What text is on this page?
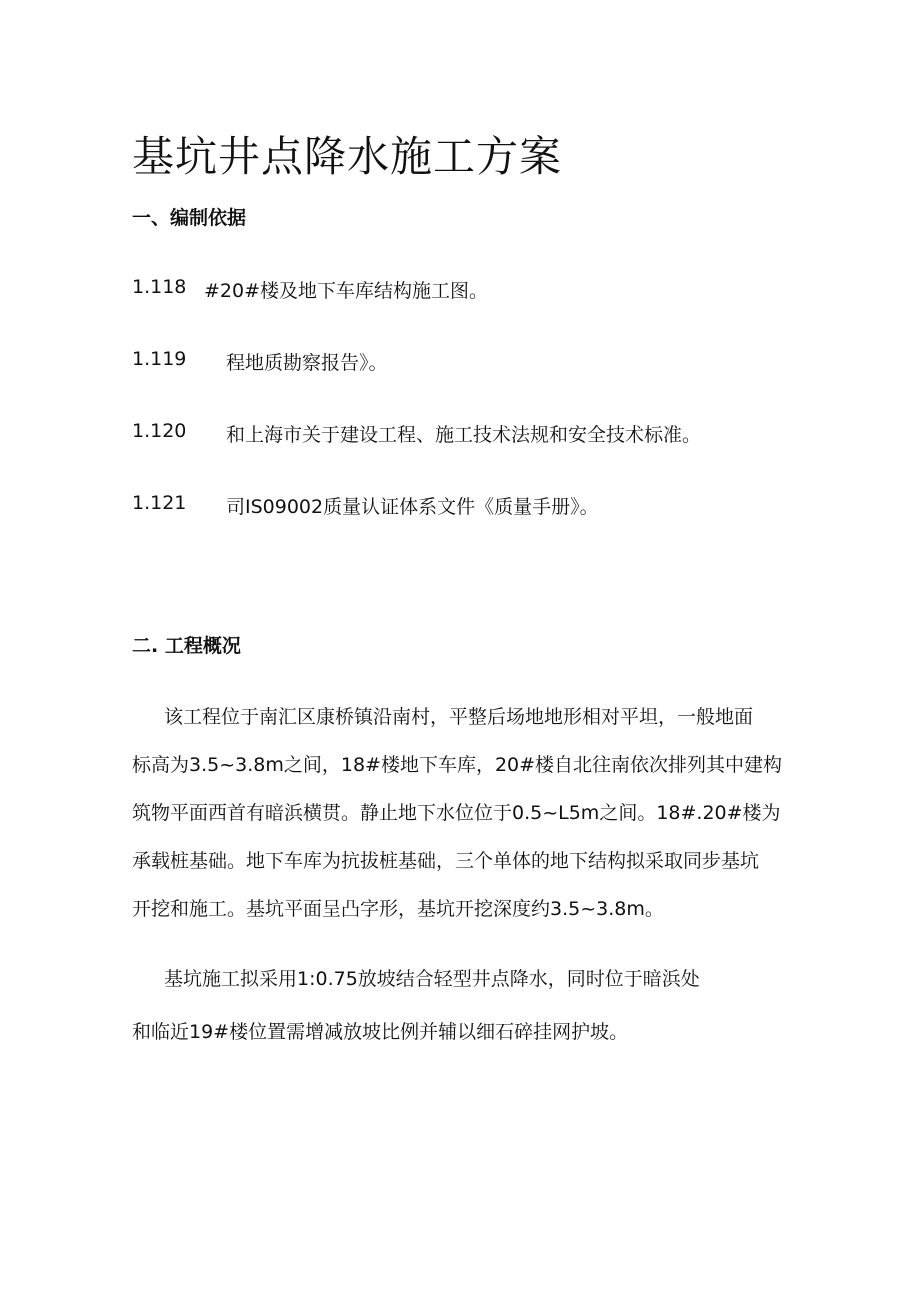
基坑井点降水施工方案
一、编制依据
1.118 #20#楼及地下车库结构施工图。
1.119 程地质勘察报告》。
1.120 和上海市关于建设工程、施工技术法规和安全技术标准。
1.121 司IS09002质量认证体系文件《质量手册》。
二. 工程概况
该工程位于南汇区康桥镇沿南村，平整后场地地形相对平坦，一般地面
标高为3.5~3.8m之间，18#楼地下车库，20#楼自北往南依次排列其中建构
筑物平面西首有暗浜横贯。静止地下水位位于0.5~L5m之间。18#.20#楼为
承载桩基础。地下车库为抗拔桩基础，三个单体的地下结构拟采取同步基坑
开挖和施工。基坑平面呈凸字形，基坑开挖深度约3.5~3.8m。
基坑施工拟采用1:0.75放坡结合轻型井点降水，同时位于暗浜处
和临近19#楼位置需增减放坡比例并辅以细石碎挂网护坡。
